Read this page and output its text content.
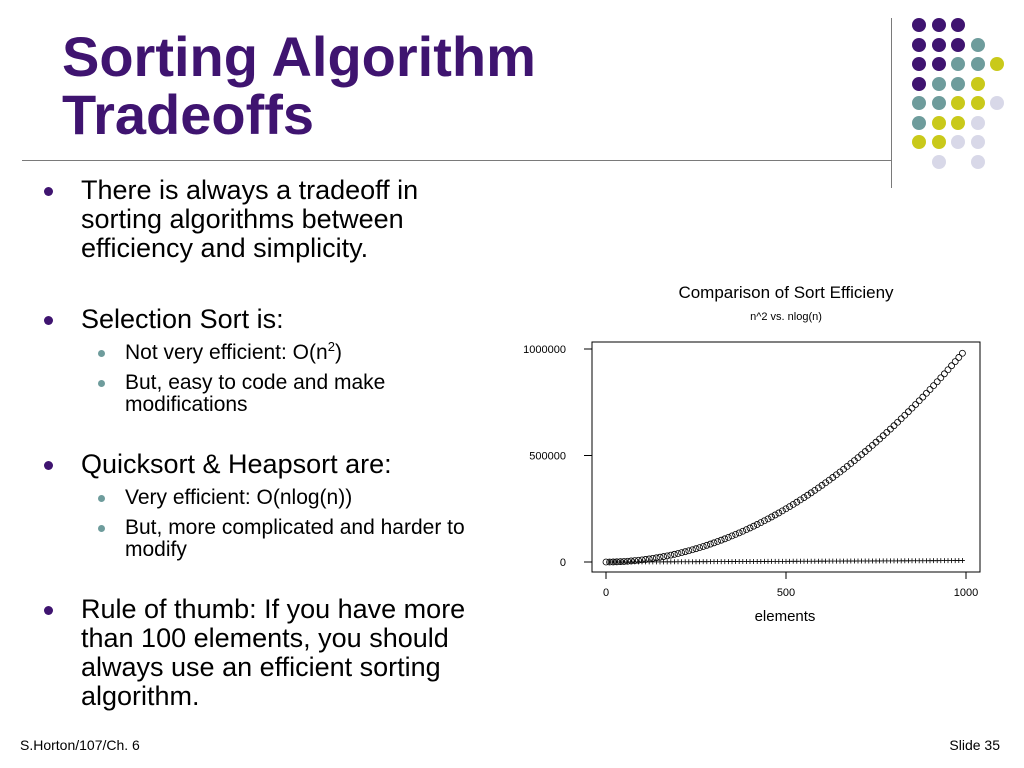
Sorting Algorithm
Tradeoffs
There is always a tradeoff in sorting algorithms between efficiency and simplicity.
Selection Sort is:
Not very efficient: $O(n^2)$
But, easy to code and make modifications
Quicksort & Heapsort are:
Very efficient: O(nlog(n))
But, more complicated and harder to modify
Rule of thumb: If you have more than 100 elements, you should always use an efficient sorting algorithm.
Comparison of Sort Efficieny
n^2 vs. nlog(n)
0
500000
1000000
0	500	1000
elements
S.Horton/107/Ch. 6	Slide 35
